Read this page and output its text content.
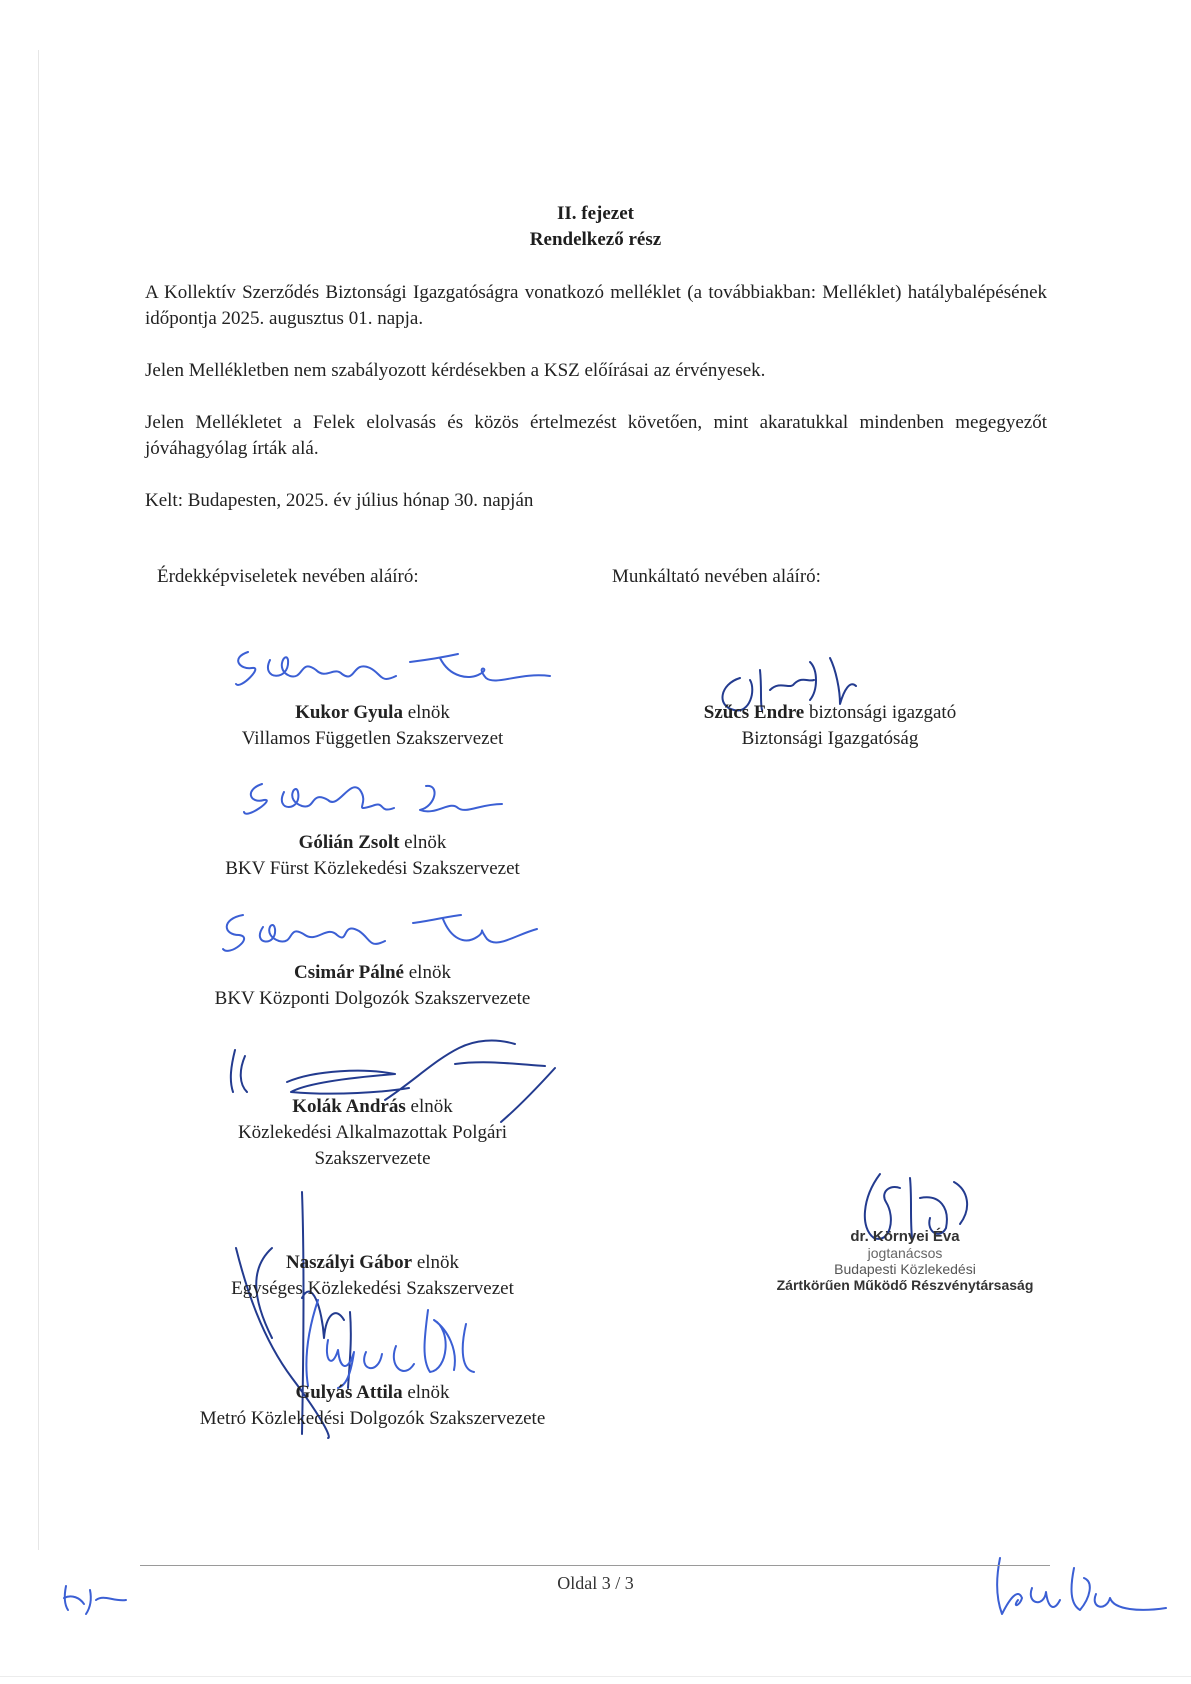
II. fejezet
Rendelkező rész
A Kollektív Szerződés Biztonsági Igazgatóságra vonatkozó melléklet (a továbbiakban: Melléklet) hatálybalépésének időpontja 2025. augusztus 01. napja.
Jelen Mellékletben nem szabályozott kérdésekben a KSZ előírásai az érvényesek.
Jelen Mellékletet a Felek elolvasás és közös értelmezést követően, mint akaratukkal mindenben megegyezőt jóváhagyólag írták alá.
Kelt: Budapesten, 2025. év július hónap 30. napján
Érdekképviseletek nevében aláíró:	Munkáltató nevében aláíró:
Kukor Gyula elnök
Villamos Független Szakszervezet
Gólián Zsolt elnök
BKV Fürst Közlekedési Szakszervezet
Csimár Pálné elnök
BKV Központi Dolgozók Szakszervezete
Kolák András elnök
Közlekedési Alkalmazottak Polgári
Szakszervezete
Naszályi Gábor elnök
Egységes Közlekedési Szakszervezet
Gulyás Attila elnök
Metró Közlekedési Dolgozók Szakszervezete
Szűcs Endre biztonsági igazgató
Biztonsági Igazgatóság
dr. Környei Éva
jogtanácsos
Budapesti Közlekedési
Zártkörűen Működő Részvénytársaság
Oldal 3 / 3
